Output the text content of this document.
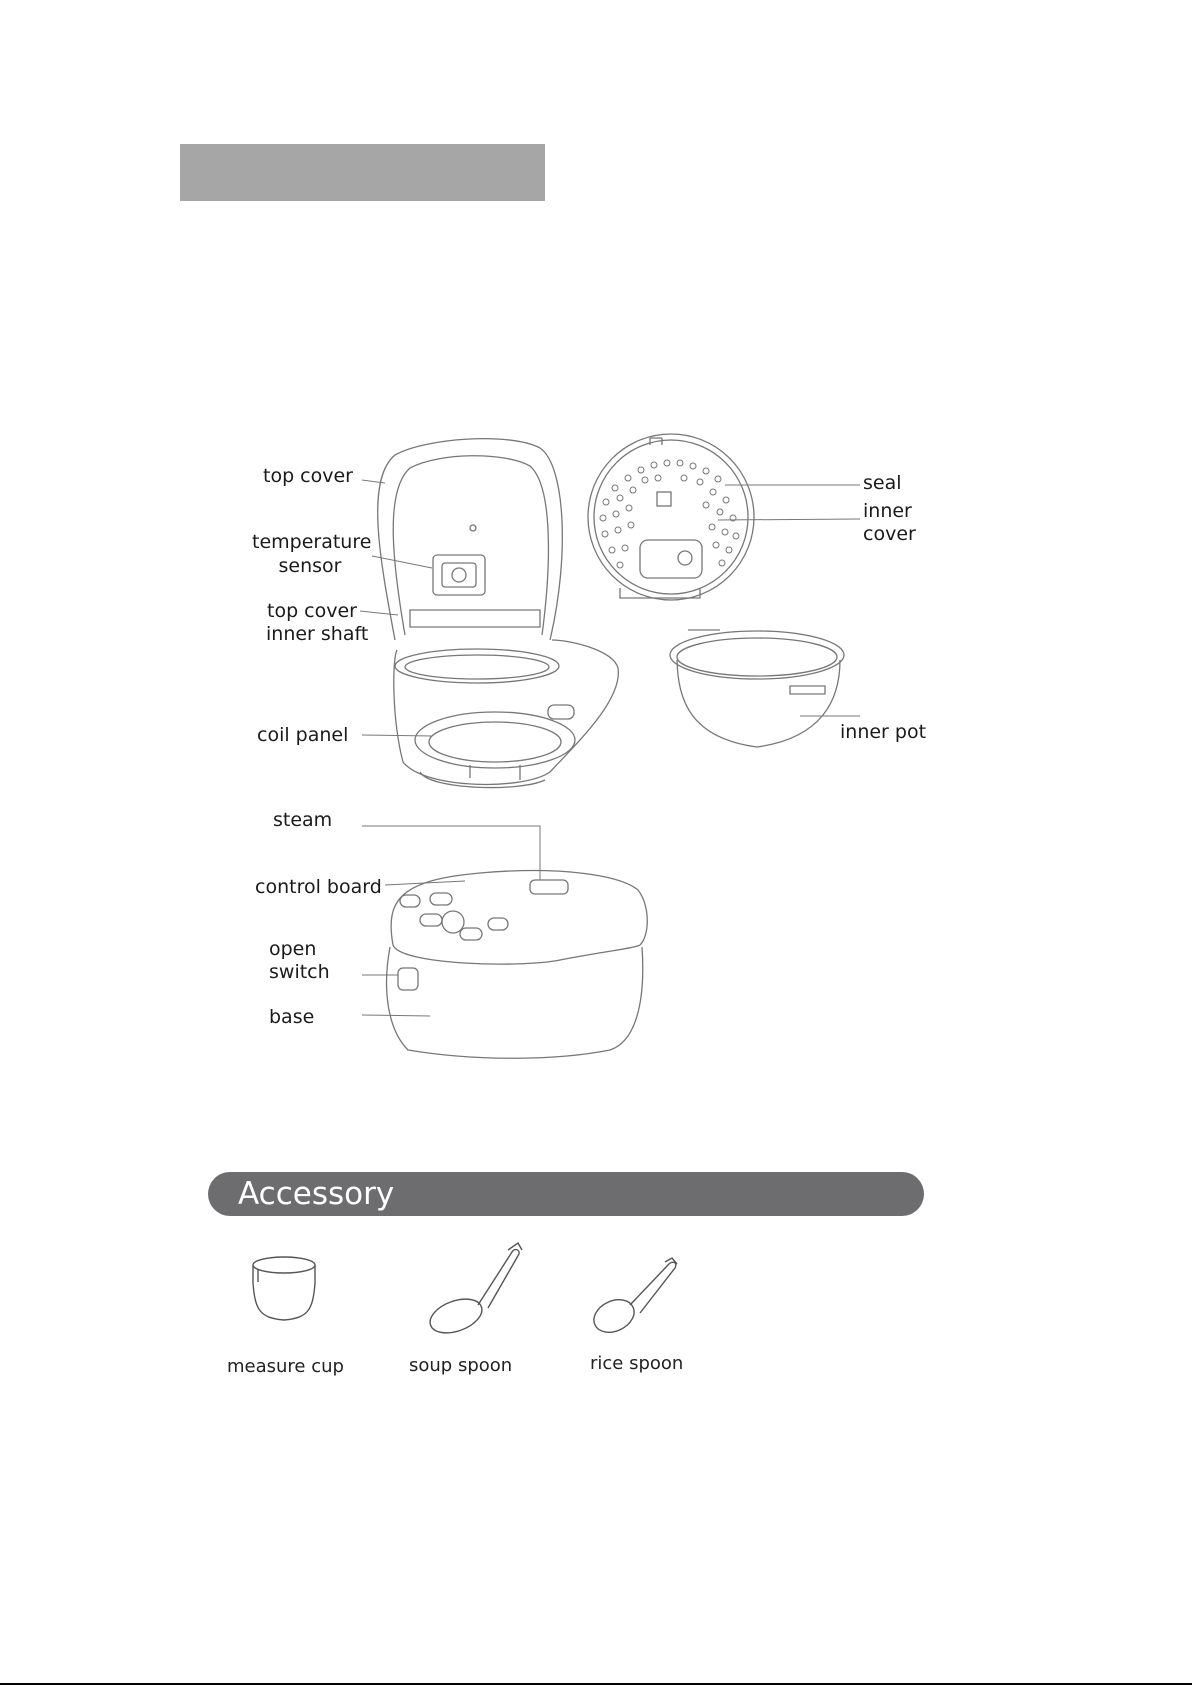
top cover
temperature
sensor
top cover
inner shaft
coil panel
steam
control board
open
switch
base
seal
inner
cover
inner pot
Accessory
measure cup	soup spoon	rice spoon
